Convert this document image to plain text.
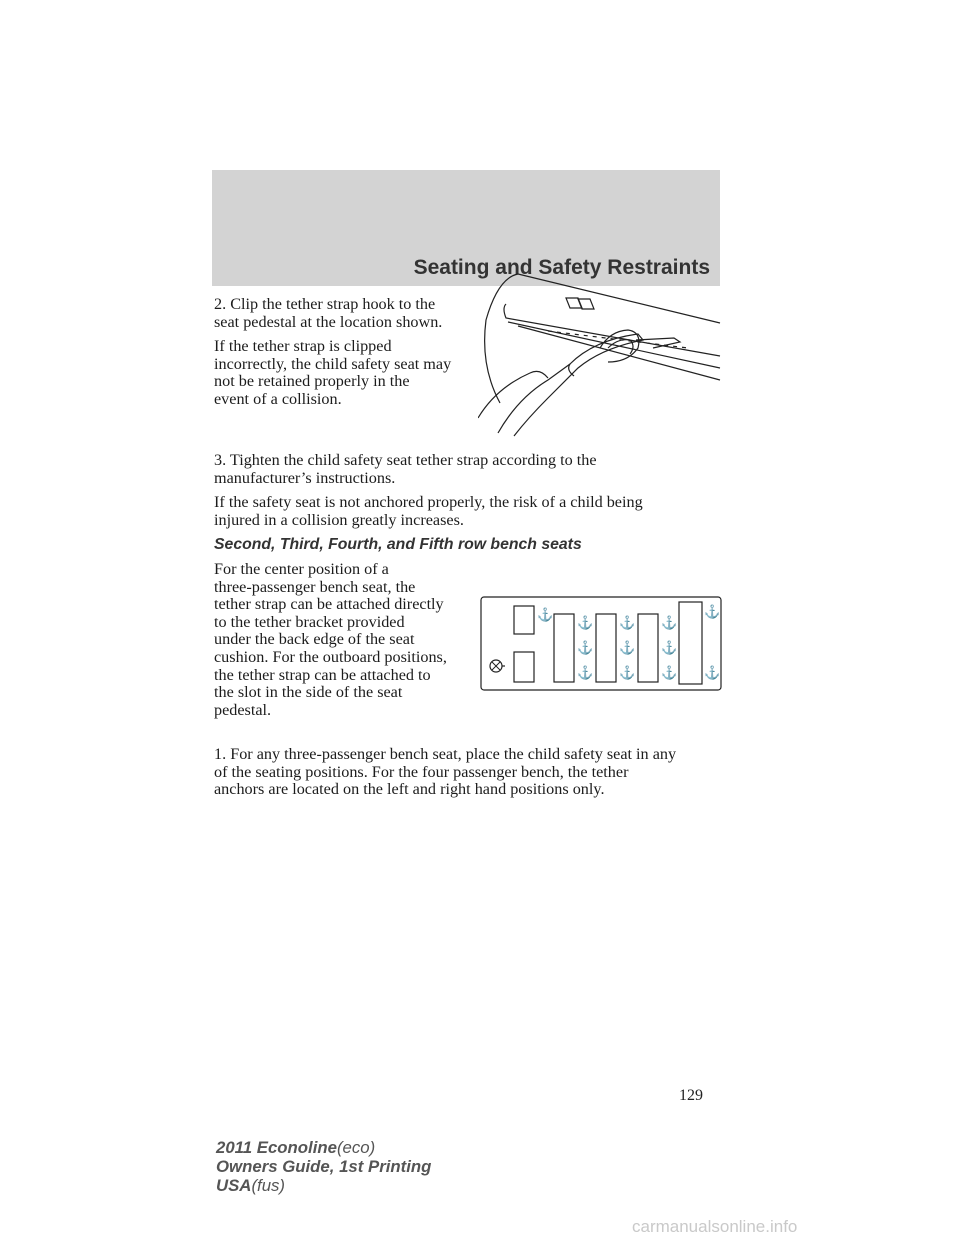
Seating and Safety Restraints

2. Clip the tether strap hook to the
seat pedestal at the location shown.

If the tether strap is clipped
incorrectly, the child safety seat may
not be retained properly in the
event of a collision.

3. Tighten the child safety seat tether strap according to the
manufacturer’s instructions.

If the safety seat is not anchored properly, the risk of a child being
injured in a collision greatly increases.

Second, Third, Fourth, and Fifth row bench seats

For the center position of a
three-passenger bench seat, the
tether strap can be attached directly
to the tether bracket provided
under the back edge of the seat
cushion. For the outboard positions,
the tether strap can be attached to
the slot in the side of the seat
pedestal.

⚓
⚓
⚓
⚓
⚓
⚓
⚓
⚓
⚓
⚓
⚓
⚓

1. For any three-passenger bench seat, place the child safety seat in any
of the seating positions. For the four passenger bench, the tether
anchors are located on the left and right hand positions only.

129
2011 Econoline(eco)
Owners Guide, 1st Printing
USA(fus)
carmanualsonline.info
